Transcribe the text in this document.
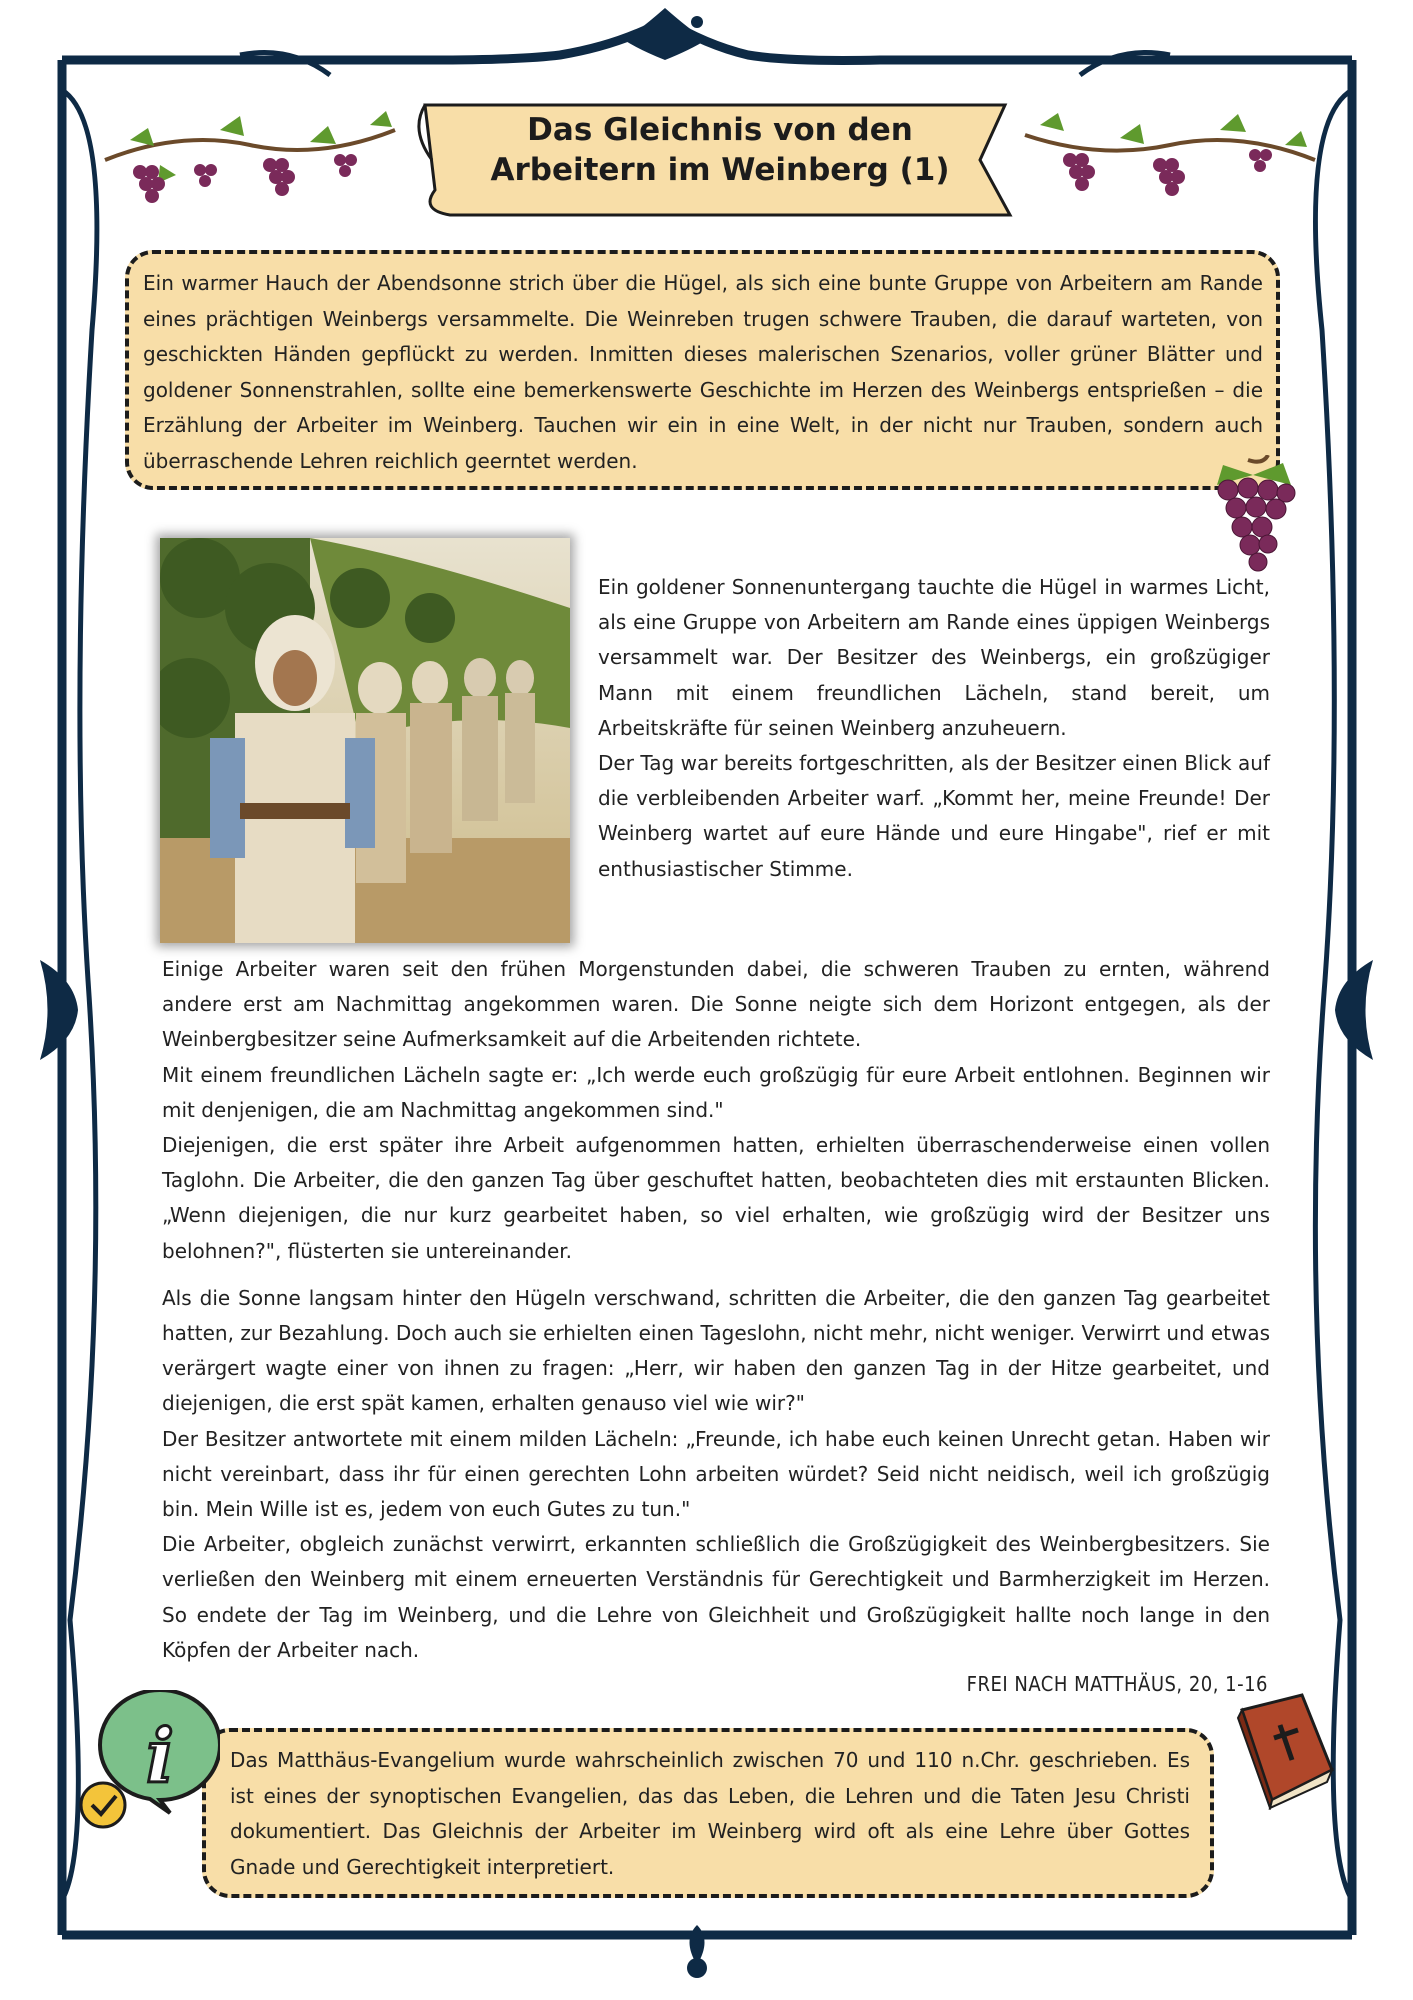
Das Gleichnis von den
Arbeitern im Weinberg (1)

Ein warmer Hauch der Abendsonne strich über die Hügel, als sich eine bunte Gruppe von Arbeitern am Rande eines prächtigen Weinbergs versammelte. Die Weinreben trugen schwere Trauben, die darauf warteten, von geschickten Händen gepflückt zu werden. Inmitten dieses malerischen Szenarios, voller grüner Blätter und goldener Sonnenstrahlen, sollte eine bemerkenswerte Geschichte im Herzen des Weinbergs entsprießen – die Erzählung der Arbeiter im Weinberg. Tauchen wir ein in eine Welt, in der nicht nur Trauben, sondern auch überraschende Lehren reichlich geerntet werden.

Ein goldener Sonnenuntergang tauchte die Hügel in warmes Licht, als eine Gruppe von Arbeitern am Rande eines üppigen Weinbergs versammelt war. Der Besitzer des Weinbergs, ein großzügiger Mann mit einem freundlichen Lächeln, stand bereit, um Arbeitskräfte für seinen Weinberg anzuheuern.

Der Tag war bereits fortgeschritten, als der Besitzer einen Blick auf die verbleibenden Arbeiter warf. „Kommt her, meine Freunde! Der Weinberg wartet auf eure Hände und eure Hingabe", rief er mit enthusiastischer Stimme.

Einige Arbeiter waren seit den frühen Morgenstunden dabei, die schweren Trauben zu ernten, während andere erst am Nachmittag angekommen waren. Die Sonne neigte sich dem Horizont entgegen, als der Weinbergbesitzer seine Aufmerksamkeit auf die Arbeitenden richtete.

Mit einem freundlichen Lächeln sagte er: „Ich werde euch großzügig für eure Arbeit entlohnen. Beginnen wir mit denjenigen, die am Nachmittag angekommen sind."

Diejenigen, die erst später ihre Arbeit aufgenommen hatten, erhielten überraschenderweise einen vollen Taglohn. Die Arbeiter, die den ganzen Tag über geschuftet hatten, beobachteten dies mit erstaunten Blicken. „Wenn diejenigen, die nur kurz gearbeitet haben, so viel erhalten, wie großzügig wird der Besitzer uns belohnen?", flüsterten sie untereinander.

Als die Sonne langsam hinter den Hügeln verschwand, schritten die Arbeiter, die den ganzen Tag gearbeitet hatten, zur Bezahlung. Doch auch sie erhielten einen Tageslohn, nicht mehr, nicht weniger. Verwirrt und etwas verärgert wagte einer von ihnen zu fragen: „Herr, wir haben den ganzen Tag in der Hitze gearbeitet, und diejenigen, die erst spät kamen, erhalten genauso viel wie wir?"

Der Besitzer antwortete mit einem milden Lächeln: „Freunde, ich habe euch keinen Unrecht getan. Haben wir nicht vereinbart, dass ihr für einen gerechten Lohn arbeiten würdet? Seid nicht neidisch, weil ich großzügig bin. Mein Wille ist es, jedem von euch Gutes zu tun."

Die Arbeiter, obgleich zunächst verwirrt, erkannten schließlich die Großzügigkeit des Weinbergbesitzers. Sie verließen den Weinberg mit einem erneuerten Verständnis für Gerechtigkeit und Barmherzigkeit im Herzen. So endete der Tag im Weinberg, und die Lehre von Gleichheit und Großzügigkeit hallte noch lange in den Köpfen der Arbeiter nach.

FREI NACH MATTHÄUS, 20, 1-16

Das Matthäus-Evangelium wurde wahrscheinlich zwischen 70 und 110 n.Chr. geschrieben. Es ist eines der synoptischen Evangelien, das das Leben, die Lehren und die Taten Jesu Christi dokumentiert. Das Gleichnis der Arbeiter im Weinberg wird oft als eine Lehre über Gottes Gnade und Gerechtigkeit interpretiert.

i
